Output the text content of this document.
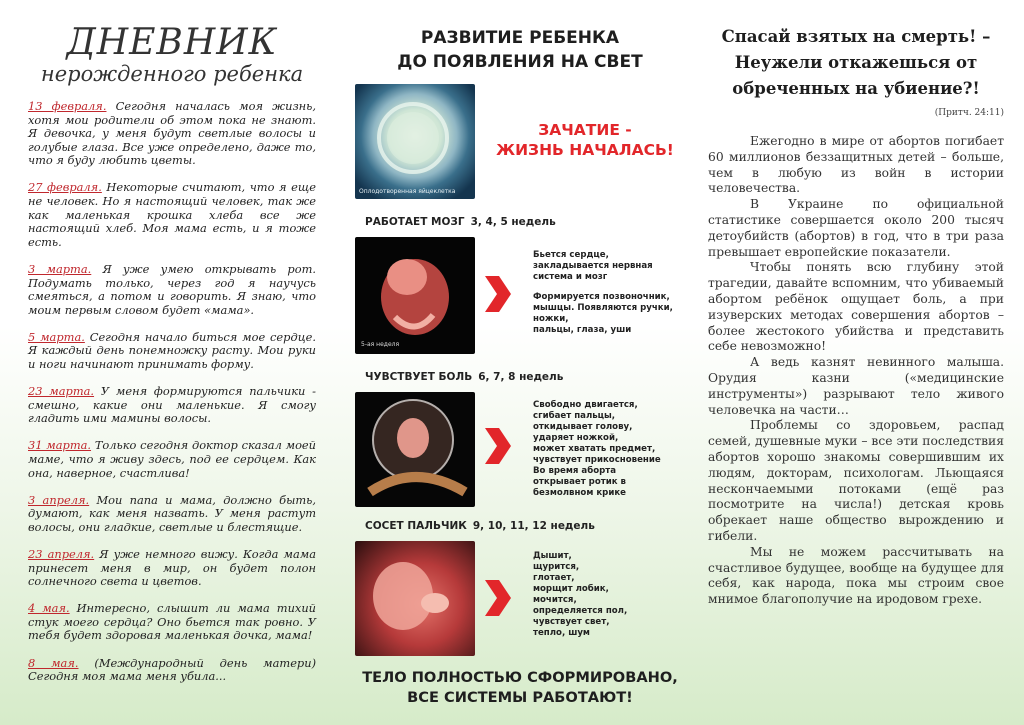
ДНЕВНИК
нерожденного ребенка

13 февраля. Сегодня началась моя жизнь, хотя мои родители об этом пока не знают. Я девочка, у меня будут светлые волосы и голубые глаза. Все уже определено, даже то, что я буду любить цветы.

27 февраля. Некоторые считают, что я еще не человек. Но я настоящий человек, так же как маленькая крошка хлеба все же настоящий хлеб. Моя мама есть, и я тоже есть.

3 марта. Я уже умею открывать рот. Подумать только, через год я научусь смеяться, а потом и говорить. Я знаю, что моим первым словом будет «мама».

5 марта. Сегодня начало биться мое сердце. Я каждый день понемножку расту. Мои руки и ноги начинают принимать форму.

23 марта. У меня формируются пальчики - смешно, какие они маленькие. Я смогу гладить ими мамины волосы.

31 марта. Только сегодня доктор сказал моей маме, что я живу здесь, под ее сердцем. Как она, наверное, счастлива!

3 апреля. Мои папа и мама, должно быть, думают, как меня назвать. У меня растут волосы, они гладкие, светлые и блестящие.

23 апреля. Я уже немного вижу. Когда мама принесет меня в мир, он будет полон солнечного света и цветов.

4 мая. Интересно, слышит ли мама тихий стук моего сердца? Оно бьется так ровно. У тебя будет здоровая маленькая дочка, мама!

8 мая. (Международный день матери) Сегодня моя мама меня убила...

РАЗВИТИЕ РЕБЕНКА
ДО ПОЯВЛЕНИЯ НА СВЕТ
Оплодотворенная яйцеклетка
ЗАЧАТИЕ -
ЖИЗНЬ НАЧАЛАСЬ!
РАБОТАЕТ МОЗГ 3, 4, 5 недель
5-ая неделя
Бьется сердце,
закладывается нервная
система и мозг
Формируется позвоночник,
мышцы. Появляются ручки, ножки,
пальцы, глаза, уши
ЧУВСТВУЕТ БОЛЬ 6, 7, 8 недель
Свободно двигается,
сгибает пальцы,
откидывает голову,
ударяет ножкой,
может хватать предмет,
чувствует прикосновение
Во время аборта
открывает ротик в
безмолвном крике
СОСЕТ ПАЛЬЧИК 9, 10, 11, 12 недель
Дышит,
щурится,
глотает,
морщит лобик,
мочится,
определяется пол,
чувствует свет,
тепло, шум
ТЕЛО ПОЛНОСТЬЮ СФОРМИРОВАНО,
ВСЕ СИСТЕМЫ РАБОТАЮТ!
Спасай взятых на смерть! –
Неужели откажешься от
обреченных на убиение?!
(Притч. 24:11)

Ежегодно в мире от абортов погибает 60 миллионов беззащитных детей – больше, чем в любую из войн в истории человечества.

В Украине по официальной статистике совершается около 200 тысяч детоубийств (абортов) в год, что в три раза превышает европейские показатели.

Чтобы понять всю глубину этой трагедии, давайте вспомним, что убиваемый абортом ребёнок ощущает боль, а при изуверских методах совершения абортов – более жестокого убийства и представить себе невозможно!

А ведь казнят невинного малыша. Орудия казни («медицинские инструменты») разрывают тело живого человечка на части…

Проблемы со здоровьем, распад семей, душевные муки – все эти последствия абортов хорошо знакомы совершившим их людям, докторам, психологам. Льющаяся нескончаемыми потоками (ещё раз посмотрите на числа!) детская кровь обрекает наше общество вырождению и гибели.

Мы не можем рассчитывать на счастливое будущее, вообще на будущее для себя, как народа, пока мы строим свое мнимое благополучие на иродовом грехе.
